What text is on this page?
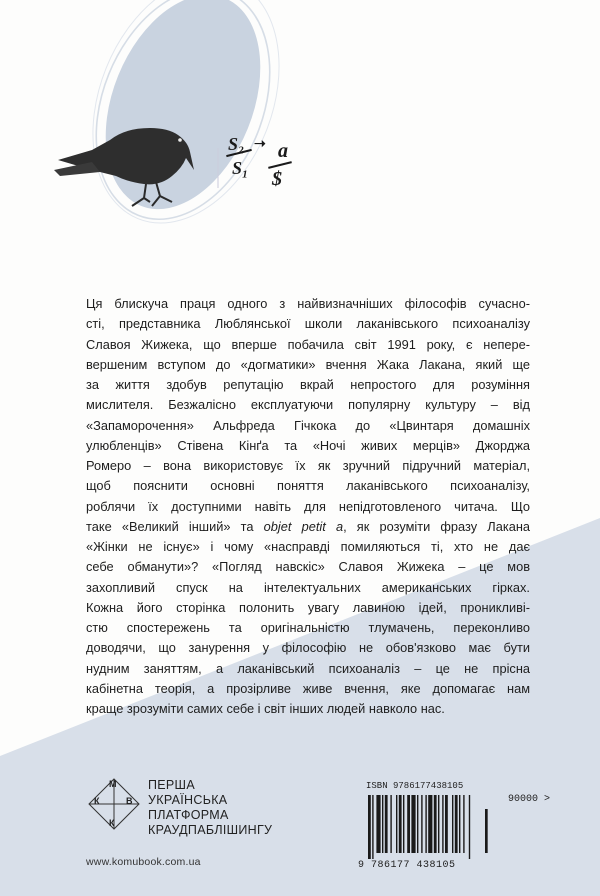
S₂
S₁
➝ a
$
Ця блискуча праця одного з найвизначніших філософів сучасно-
сті, представника Люблянської школи лаканівського психоаналізу
Славоя Жижека, що вперше побачила світ 1991 року, є непере-
вершеним вступом до «догматики» вчення Жака Лакана, який ще
за життя здобув репутацію вкрай непростого для розуміння
мислителя. Безжалісно експлуатуючи популярну культуру – від
«Запаморочення» Альфреда Гічкока до «Цвинтаря домашніх
улюбленців» Стівена Кінґа та «Ночі живих мерців» Джорджа
Ромеро – вона використовує їх як зручний підручний матеріал,
щоб пояснити основні поняття лаканівського психоаналізу,
роблячи їх доступними навіть для непідготовленого читача. Що
таке «Великий інший» та objet petit a, як розуміти фразу Лакана
«Жінки не існує» і чому «насправді помиляються ті, хто не дає
себе обманути»? «Погляд навскіс» Славоя Жижека – це мов
захопливий спуск на інтелектуальних американських гірках.
Кожна його сторінка полонить увагу лавиною ідей, проникливі-
стю спостережень та оригінальністю тлумачень, переконливо
доводячи, що занурення у філософію не обов'язково має бути
нудним заняттям, а лаканівський психоаналіз – це не прісна
кабінетна теорія, а прозірливе живе вчення, яке допомагає нам
краще зрозуміти самих себе і світ інших людей навколо нас.
М
К	В
К
ПЕРША
УКРАЇНСЬКА
ПЛАТФОРМА
КРАУДПАБЛІШИНГУ
www.komubook.com.ua
ISBN 9786177438105
90000 >
9 786177 438105
